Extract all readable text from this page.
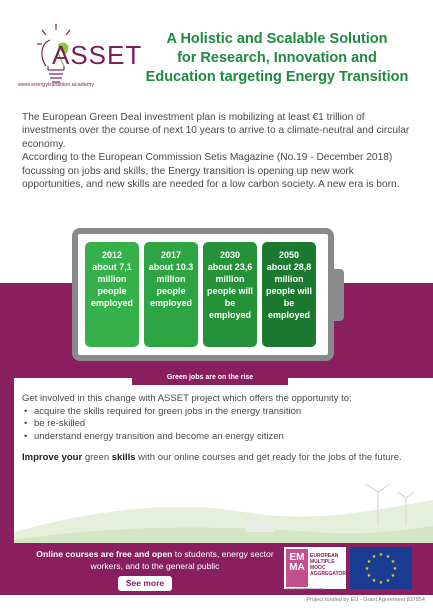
ASSET
www.energytransition.academy
A Holistic and Scalable Solution
for Research, Innovation and
Education targeting Energy Transition

The European Green Deal investment plan is mobilizing at least €1 trillion of investments over the course of next 10 years to arrive to a climate-neutral and circular economy.

According to the European Commission Setis Magazine (No.19 - December 2018) focussing on jobs and skills, the Energy transition is opening up new work opportunities, and new skills are needed for a low carbon society. A new era is born.

2012
about 7,1
million
people
employed
2017
about 10.3
million
people
employed
2030
about 23,6
million
people will
be
employed
2050
about 28,8
million
people will
be
employed
Green jobs are on the rise
Get involved in this change with ASSET project which offers the opportunity to:
• acquire the skills required for green jobs in the energy transition
• be re-skilled
• understand energy transition and become an energy citizen
Improve your green skills with our online courses and get ready for the jobs of the future.
Online courses are free and open to students, energy sector workers, and to the general public
See more
EM MA
EUROPEAN
MULTIPLE
MOOC
AGGREGATOR
www.europeanmoocs.eu
★ ★
★
★
★
★
★
★
★
★
★
★
Project funded by EU - Grant Agreement 837854
